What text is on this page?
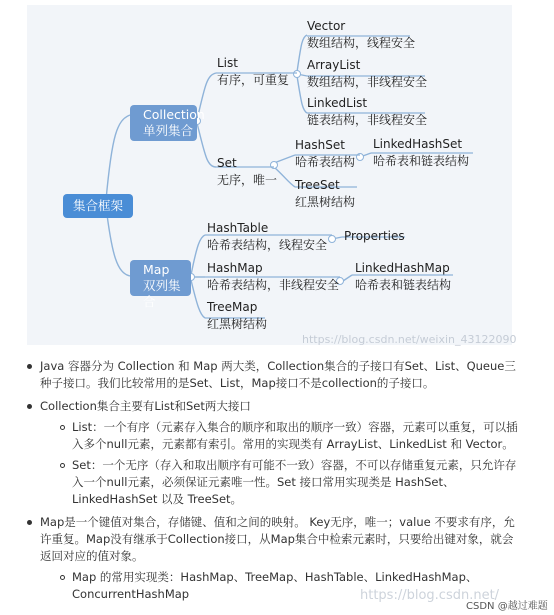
集合框架
Collection
单列集合
Map
双列集合
List
有序，可重复
Set
无序，唯一
Vector
数组结构，线程安全
ArrayList
数组结构，非线程安全
LinkedList
链表结构，非线程安全
HashSet
哈希表结构
LinkedHashSet
哈希表和链表结构
TreeSet
红黑树结构
HashTable
哈希表结构，线程安全
Properties
HashMap
哈希表结构，非线程安全
LinkedHashMap
哈希表和链表结构
TreeMap
红黑树结构
https://blog.csdn.net/weixin_43122090
Java 容器分为 Collection 和 Map 两大类，Collection集合的子接口有Set、List、Queue三种子接口。我们比较常用的是Set、List，Map接口不是collection的子接口。
Collection集合主要有List和Set两大接口
List：一个有序（元素存入集合的顺序和取出的顺序一致）容器，元素可以重复，可以插入多个null元素，元素都有索引。常用的实现类有 ArrayList、LinkedList 和 Vector。
Set：一个无序（存入和取出顺序有可能不一致）容器，不可以存储重复元素，只允许存入一个null元素，必须保证元素唯一性。Set 接口常用实现类是 HashSet、LinkedHashSet 以及 TreeSet。
Map是一个键值对集合，存储键、值和之间的映射。 Key无序，唯一；value 不要求有序，允许重复。Map没有继承于Collection接口，从Map集合中检索元素时，只要给出键对象，就会返回对应的值对象。
Map 的常用实现类：HashMap、TreeMap、HashTable、LinkedHashMap、ConcurrentHashMap	https://blog.csdn.net/
CSDN @越过难题
